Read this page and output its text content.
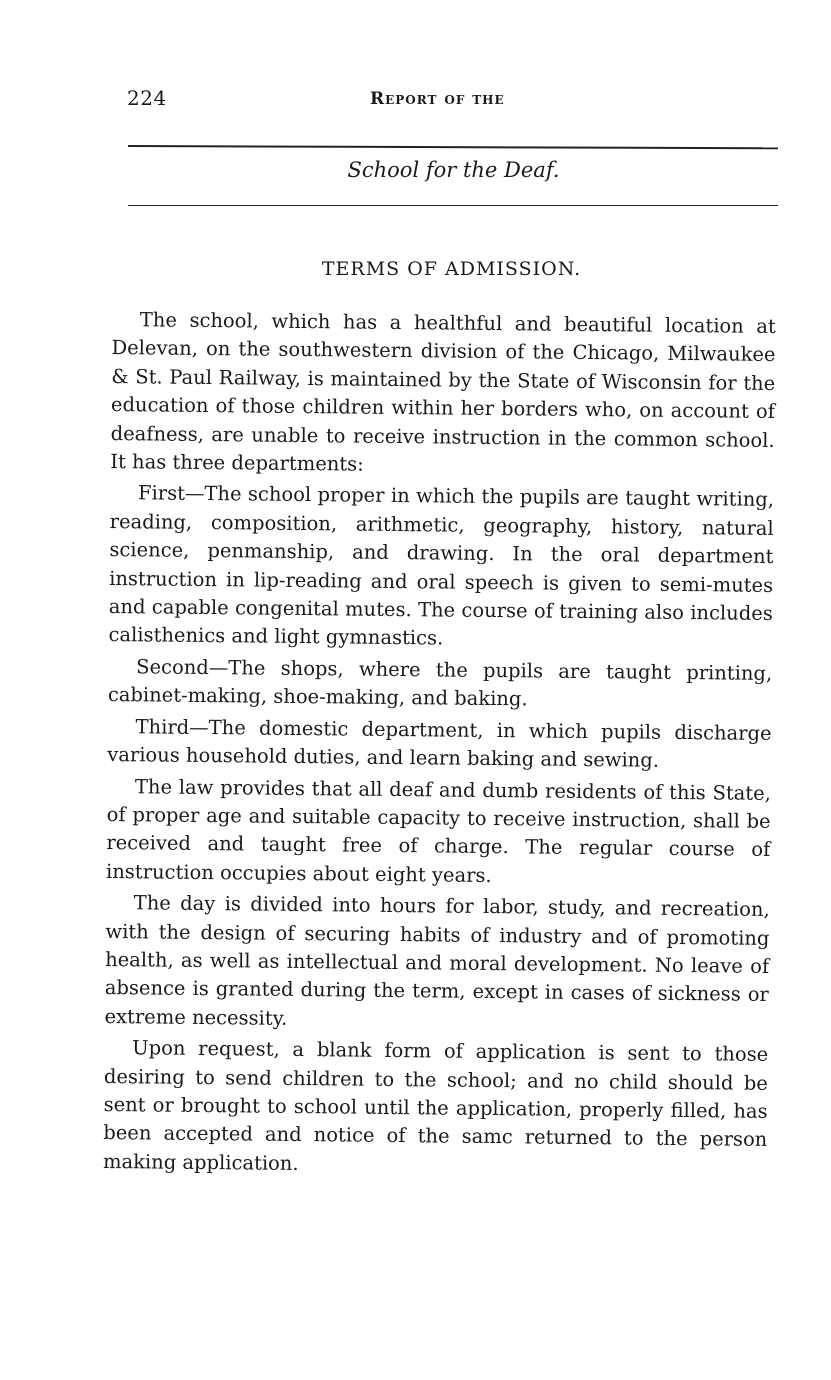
224	Report of the
School for the Deaf.
TERMS OF ADMISSION.

The school, which has a healthful and beautiful location at Delevan, on the southwestern division of the Chicago, Milwaukee & St. Paul Railway, is maintained by the State of Wisconsin for the education of those children within her borders who, on account of deafness, are unable to receive instruction in the common school. It has three departments:

First—The school proper in which the pupils are taught writing, reading, composition, arithmetic, geography, history, natural science, penmanship, and drawing. In the oral department instruction in lip-reading and oral speech is given to semi-mutes and capable congenital mutes. The course of training also includes calisthenics and light gymnastics.

Second—The shops, where the pupils are taught printing, cabinet-making, shoe-making, and baking.

Third—The domestic department, in which pupils discharge various household duties, and learn baking and sewing.

The law provides that all deaf and dumb residents of this State, of proper age and suitable capacity to receive instruction, shall be received and taught free of charge. The regular course of instruction occupies about eight years.

The day is divided into hours for labor, study, and recreation, with the design of securing habits of industry and of promoting health, as well as intellectual and moral development. No leave of absence is granted during the term, except in cases of sickness or extreme necessity.

Upon request, a blank form of application is sent to those desiring to send children to the school; and no child should be sent or brought to school until the application, properly filled, has been accepted and notice of the samc returned to the person making application.
